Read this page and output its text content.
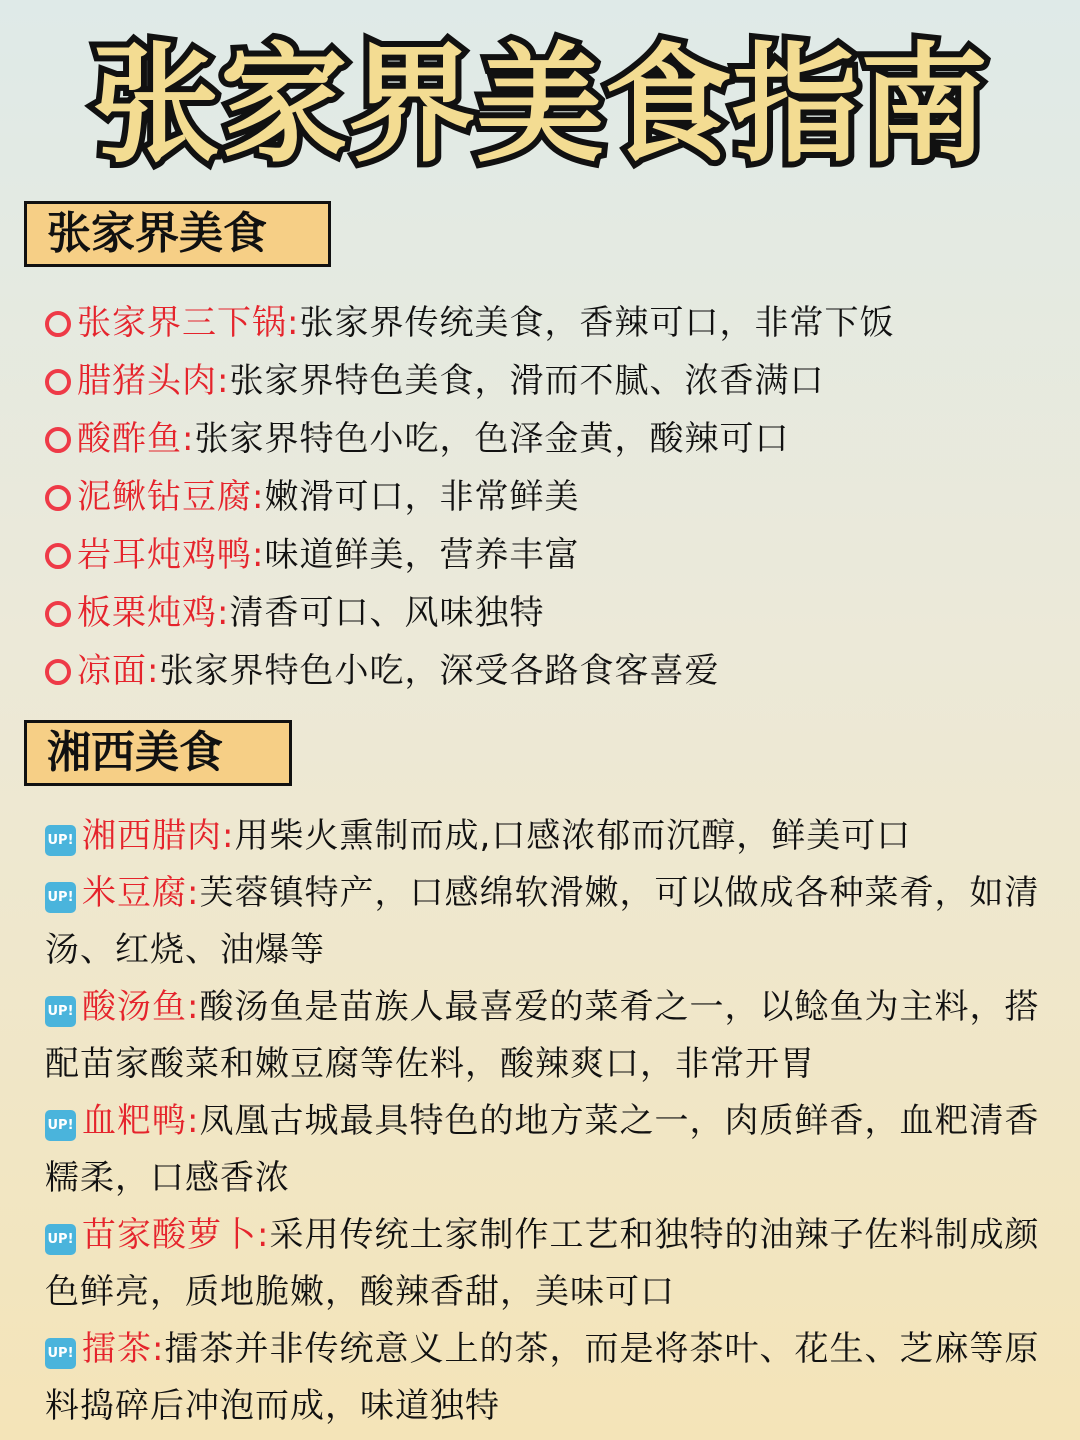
张家界美食指南
张家界美食
张家界三下锅:张家界传统美食，香辣可口，非常下饭
腊猪头肉:张家界特色美食，滑而不腻、浓香满口
酸酢鱼:张家界特色小吃，色泽金黄，酸辣可口
泥鳅钻豆腐:嫩滑可口，非常鲜美
岩耳炖鸡鸭:味道鲜美，营养丰富
板栗炖鸡:清香可口、风味独特
凉面:张家界特色小吃，深受各路食客喜爱
湘西美食
UP! 湘西腊肉:用柴火熏制而成,口感浓郁而沉醇，鲜美可口
UP! 米豆腐:芙蓉镇特产，口感绵软滑嫩，可以做成各种菜肴，如清汤、红烧、油爆等
UP! 酸汤鱼:酸汤鱼是苗族人最喜爱的菜肴之一，以鲶鱼为主料，搭配苗家酸菜和嫩豆腐等佐料，酸辣爽口，非常开胃
UP! 血粑鸭:凤凰古城最具特色的地方菜之一，肉质鲜香，血粑清香糯柔，口感香浓
UP! 苗家酸萝卜:采用传统土家制作工艺和独特的油辣子佐料制成颜色鲜亮，质地脆嫩，酸辣香甜，美味可口
UP! 擂茶:擂茶并非传统意义上的茶，而是将茶叶、花生、芝麻等原料捣碎后冲泡而成，味道独特
